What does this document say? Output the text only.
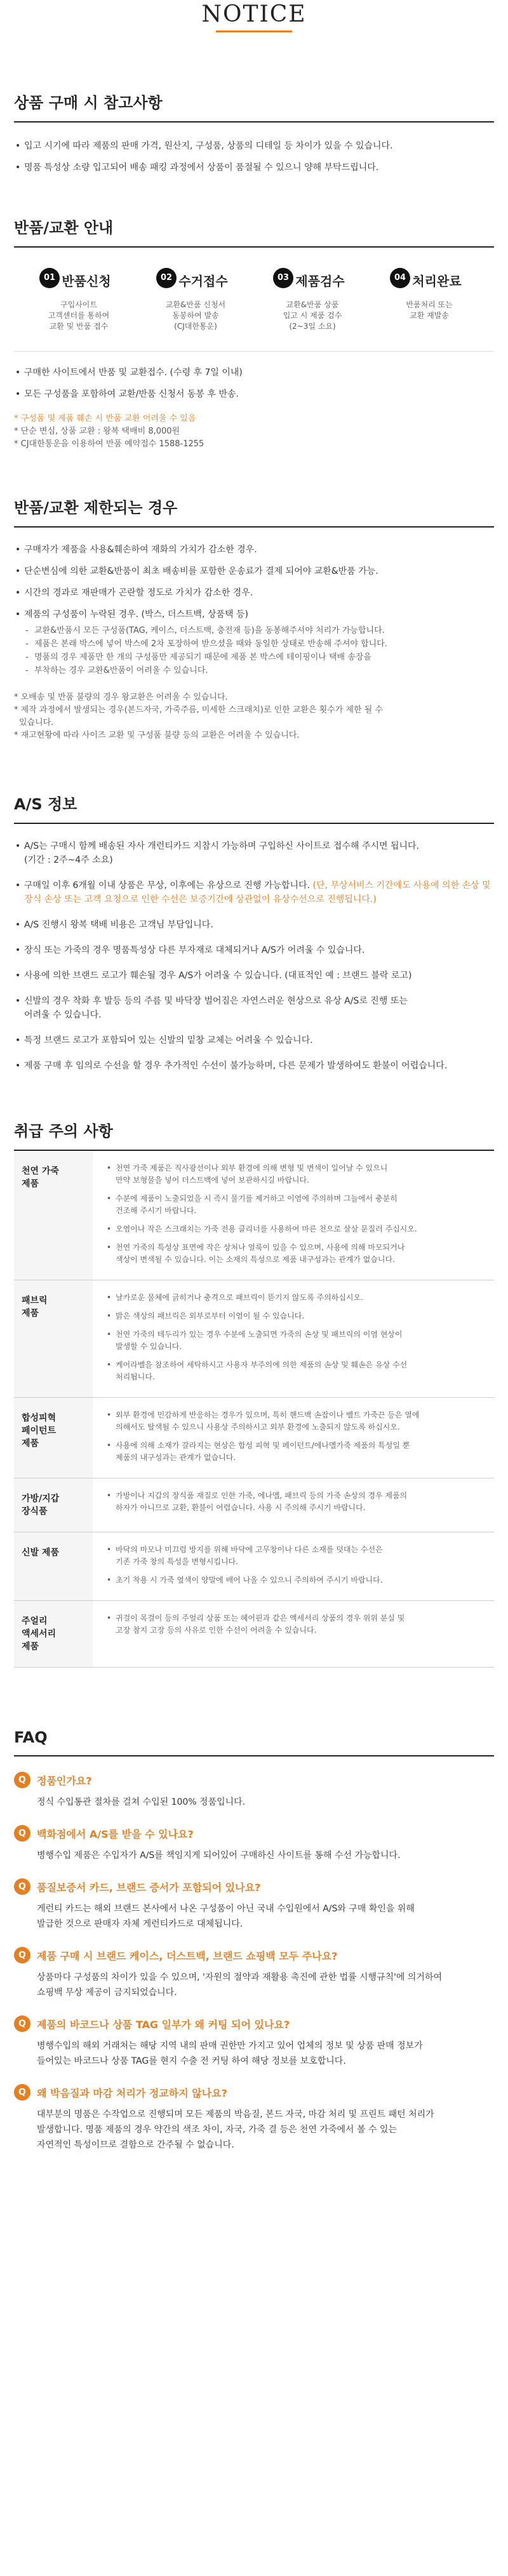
NOTICE
상품 구매 시 참고사항
• 입고 시기에 따라 제품의 판매 가격, 원산지, 구성품, 상품의 디테일 등 차이가 있을 수 있습니다.
• 명품 특성상 소량 입고되어 배송 패킹 과정에서 상품이 품절될 수 있으니 양해 부탁드립니다.
반품/교환 안내
01 반품신청
구입사이트
고객센터를 통하여
교환 및 반품 접수
02 수거접수
교환&반품 신청서
동봉하여 발송
(CJ대한통운)
03 제품검수
교환&반품 상품
입고 시 제품 검수
(2~3일 소요)
04 처리완료
반품처리 또는
교환 재발송
• 구매한 사이트에서 반품 및 교환접수. (수령 후 7일 이내)
• 모든 구성품을 포함하여 교환/반품 신청서 동봉 후 반송.
* 구성품 및 제품 훼손 시 반품 교환 어려울 수 있음
* 단순 변심, 상품 교환 : 왕복 택배비 8,000원
* CJ대한통운을 이용하여 반품 예약접수 1588-1255
반품/교환 제한되는 경우
• 구매자가 제품을 사용&훼손하여 재화의 가치가 감소한 경우.
• 단순변심에 의한 교환&반품이 최초 배송비를 포함한 운송료가 결제 되어야 교환&반품 가능.
• 시간의 경과로 재판매가 곤란할 정도로 가치가 감소한 경우.
• 제품의 구성품이 누락된 경우. (박스, 더스트백, 상품택 등)
- 교환&반품시 모든 구성품(TAG, 케이스, 더스트백, 충전재 등)을 동봉해주셔야 처리가 가능합니다.
- 제품은 본래 박스에 넣어 박스에 2차 포장하여 받으셨을 때와 동일한 상태로 반송해 주셔야 합니다.
- 명품의 경우 제품만 한 개의 구성품만 제공되기 때문에 제품 본 박스에 테이핑이나 택배 송장을
- 부착하는 경우 교환&반품이 어려울 수 있습니다.
* 오배송 및 반품 불량의 경우 왕교환은 어려울 수 있습니다.
* 제작 과정에서 발생되는 경우(본드자국, 가죽주름, 미세한 스크래치)로 인한 교환은 횟수가 제한 될 수
있습니다.
* 재고현황에 따라 사이즈 교환 및 구성품 불량 등의 교환은 어려울 수 있습니다.
A/S 정보
• A/S는 구매시 함께 배송된 자사 개런티카드 지참시 가능하며 구입하신 사이트로 접수해 주시면 됩니다.
(기간 : 2주~4주 소요)
• 구매일 이후 6개월 이내 상품은 무상, 이후에는 유상으로 진행 가능합니다. (단, 무상서비스 기간에도 사용에 의한 손상 및 장식 손상 또는 고객 요청으로 인한 수선은 보증기간에 상관없이 유상수선으로 진행됩니다.)
• A/S 진행시 왕복 택배 비용은 고객님 부담입니다.
• 장식 또는 가죽의 경우 명품특성상 다른 부자재로 대체되거나 A/S가 어려울 수 있습니다.
• 사용에 의한 브랜드 로고가 훼손될 경우 A/S가 어려울 수 있습니다. (대표적인 예 : 브랜드 블락 로고)
• 신발의 경우 착화 후 발등 등의 주름 및 바닥장 벌어짐은 자연스러운 현상으로 유상 A/S로 진행 또는
어려울 수 있습니다.
• 특정 브랜드 로고가 포함되어 있는 신발의 밑창 교체는 어려울 수 있습니다.
• 제품 구매 후 임의로 수선을 할 경우 추가적인 수선이 불가능하며, 다른 문제가 발생하여도 환불이 어렵습니다.
취급 주의 사항
천연 가죽
제품
• 천연 가죽 제품은 직사광선이나 외부 환경에 의해 변형 및 변색이 일어날 수 있으니
만약 보형물을 넣어 더스트백에 넣어 보관하시길 바랍니다.
• 수분에 제품이 노출되었을 시 즉시 물기를 제거하고 이염에 주의하며 그늘에서 충분히
건조해 주시기 바랍니다.
• 오염이나 작은 스크래치는 가죽 전용 클리너를 사용하여 마른 천으로 살살 문질러 주십시오.
• 천연 가죽의 특성상 표면에 작은 상처나 얼룩이 있을 수 있으며, 사용에 의해 마모되거나
색상이 변색될 수 있습니다. 이는 소재의 특성으로 제품 내구성과는 관계가 없습니다.
패브릭
제품
• 날카로운 물체에 긁히거나 충격으로 패브릭이 뜯기지 않도록 주의하십시오.
• 밝은 색상의 패브릭은 외부로부터 이염이 될 수 있습니다.
• 천연 가죽의 테두리가 있는 경우 수분에 노출되면 가죽의 손상 및 패브릭의 이염 현상이
발생할 수 있습니다.
• 케어라벨을 참조하여 세탁하시고 사용자 부주의에 의한 제품의 손상 및 훼손은 유상 수선
처리됩니다.
합성피혁
페이턴트
제품
• 외부 환경에 민감하게 반응하는 경우가 있으며, 특히 핸드백 손잡이나 벨트 가죽끈 등은 열에
의해서도 탈색될 수 있으니 사용상 주의하시고 외부 환경에 노출되지 않도록 하십시오.
• 사용에 의해 소재가 갈라지는 현상은 합성 피혁 및 페이턴트/에나멜가죽 제품의 특성일 뿐
제품의 내구성과는 관계가 없습니다.
가방/지갑
장식품
• 가방이나 지갑의 장식품 재질로 인한 가죽, 에나멜, 패브릭 등의 가죽 손상의 경우 제품의
하자가 아니므로 교환, 환불이 어렵습니다. 사용 시 주의해 주시기 바랍니다.
신발 제품
•	바닥의 마모나 미끄럼 방지를 위해 바닥에 고무창이나 다른 소재를 덧대는 수선은
기존 가죽 창의 특성을 변형시킵니다.
• 초기 착용 시 가죽 옆색이 양말에 배어 나올 수 있으니 주의하여 주시기 바랍니다.
주얼리
액세서리
제품
• 귀걸이 목걸이 등의 주얼리 상품 또는 헤어핀과 같은 액세서리 상품의 경우 위위 분실 및
고장 참지 고장 등의 사유로 인한 수선이 어려울 수 있습니다.
FAQ
Q	정품인가요?
정식 수입통관 절차를 걸쳐 수입된 100% 정품입니다.
Q	백화점에서 A/S를 받을 수 있나요?
병행수입 제품은 수입자가 A/S를 책임지게 되어있어 구매하신 사이트를 통해 수선 가능합니다.
Q	품질보증서 카드, 브랜드 증서가 포함되어 있나요?
게런티 카드는 해외 브랜드 본사에서 나온 구성품이 아닌 국내 수입원에서 A/S와 구매 확인을 위해
발급한 것으로 판매자 자체 게런티카드로 대체됩니다.
Q	제품 구매 시 브랜드 케이스, 더스트백, 브랜드 쇼핑백 모두 주나요?
상품마다 구성품의 차이가 있을 수 있으며, '자원의 절약과 재활용 촉진에 관한 법률 시행규칙'에 의거하여
쇼핑백 무상 제공이 금지되었습니다.
Q	제품의 바코드나 상품 TAG 일부가 왜 커팅 되어 있나요?
병행수입의 해외 거래처는 해당 지역 내의 판매 권한만 가지고 있어 업체의 정보 및 상품 판매 정보가
들어있는 바코드나 상품 TAG를 현지 수출 전 커팅 하여 해당 정보를 보호합니다.
Q	왜 박음질과 마감 처리가 정교하지 않나요?
대부분의 명품은 수작업으로 진행되며 모든 제품의 박음질, 본드 자국, 마감 처리 및 프린트 패턴 처리가
발생합니다. 명품 제품의 경우 약간의 색조 차이, 자국, 가죽 결 등은 천연 가죽에서 볼 수 있는
자연적인 특성이므로 결함으로 간주될 수 없습니다.
